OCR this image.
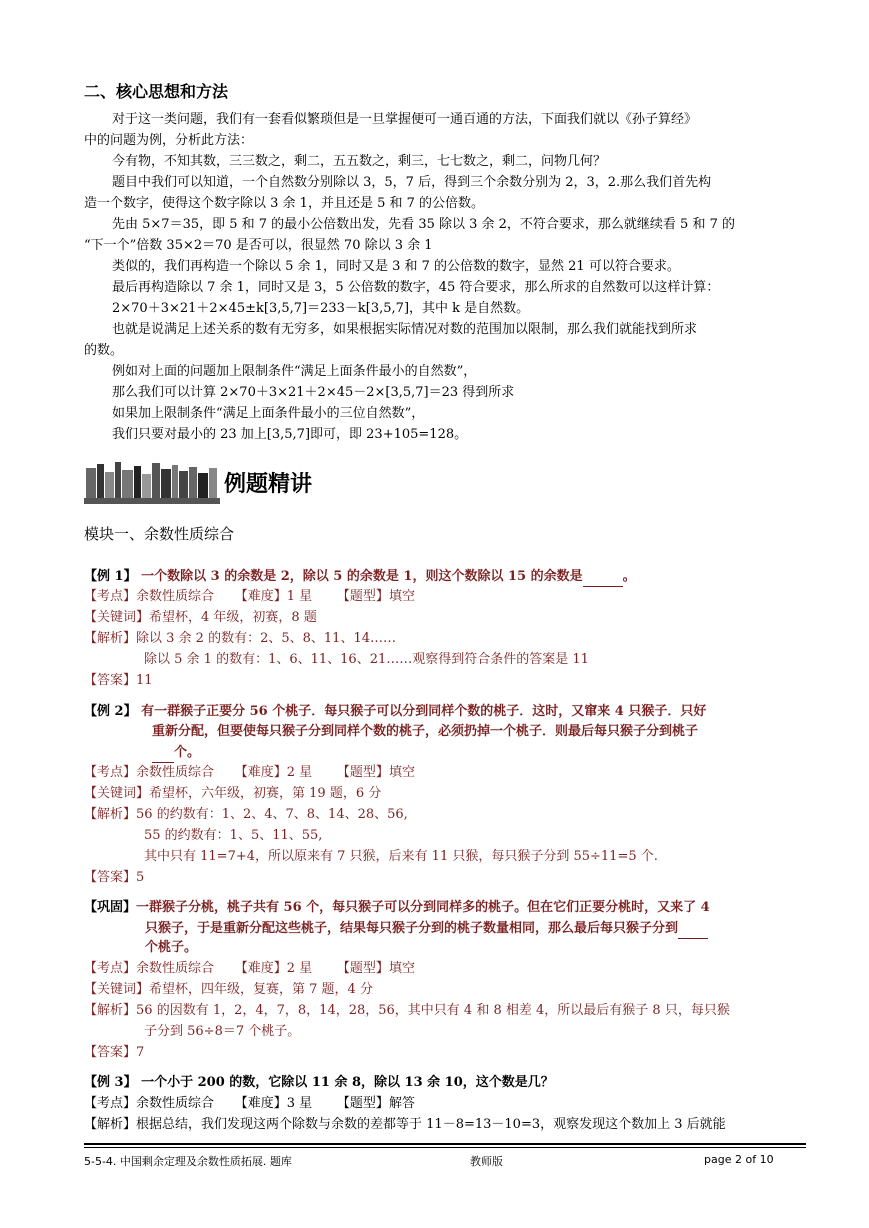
二、核心思想和方法
对于这一类问题，我们有一套看似繁琐但是一旦掌握便可一通百通的方法，下面我们就以《孙子算经》
中的问题为例，分析此方法：
今有物，不知其数，三三数之，剩二，五五数之，剩三，七七数之，剩二，问物几何？
题目中我们可以知道，一个自然数分别除以 3，5，7 后，得到三个余数分别为 2，3，2.那么我们首先构
造一个数字，使得这个数字除以 3 余 1，并且还是 5 和 7 的公倍数。
先由 5×7＝35，即 5 和 7 的最小公倍数出发，先看 35 除以 3 余 2，不符合要求，那么就继续看 5 和 7 的
“下一个”倍数 35×2＝70 是否可以，很显然 70 除以 3 余 1
类似的，我们再构造一个除以 5 余 1，同时又是 3 和 7 的公倍数的数字，显然 21 可以符合要求。
最后再构造除以 7 余 1，同时又是 3，5 公倍数的数字，45 符合要求，那么所求的自然数可以这样计算：
2×70＋3×21＋2×45±k[3,5,7]＝233－k[3,5,7]，其中 k 是自然数。
也就是说满足上述关系的数有无穷多，如果根据实际情况对数的范围加以限制，那么我们就能找到所求
的数。
例如对上面的问题加上限制条件“满足上面条件最小的自然数”，
那么我们可以计算 2×70＋3×21＋2×45－2×[3,5,7]＝23 得到所求
如果加上限制条件“满足上面条件最小的三位自然数”，
我们只要对最小的 23 加上[3,5,7]即可，即 23+105=128。
例题精讲
模块一、余数性质综合
【例 1】 一个数除以 3 的余数是 2，除以 5 的余数是 1，则这个数除以 15 的余数是	。
【考点】余数性质综合 【难度】1 星 【题型】填空
【关键词】希望杯，4 年级，初赛，8 题
【解析】除以 3 余 2 的数有：2、5、8、11、14……
除以 5 余 1 的数有：1、6、11、16、21……观察得到符合条件的答案是 11
【答案】11
【例 2】 有一群猴子正要分 56 个桃子．每只猴子可以分到同样个数的桃子．这时，又窜来 4 只猴子．只好
重新分配，但要使每只猴子分到同样个数的桃子，必须扔掉一个桃子．则最后每只猴子分到桃子
个。
【考点】余数性质综合 【难度】2 星 【题型】填空
【关键词】希望杯，六年级，初赛，第 19 题，6 分
【解析】56 的约数有：1、2、4、7、8、14、28、56,
55 的约数有：1、5、11、55,
其中只有 11=7+4，所以原来有 7 只猴，后来有 11 只猴，每只猴子分到 55÷11=5 个.
【答案】5
【巩固】一群猴子分桃，桃子共有 56 个，每只猴子可以分到同样多的桃子。但在它们正要分桃时，又来了 4
只猴子，于是重新分配这些桃子，结果每只猴子分到的桃子数量相同，那么最后每只猴子分到
个桃子。
【考点】余数性质综合 【难度】2 星 【题型】填空
【关键词】希望杯，四年级，复赛，第 7 题，4 分
【解析】56 的因数有 1，2，4，7，8，14，28，56，其中只有 4 和 8 相差 4，所以最后有猴子 8 只，每只猴
子分到 56÷8＝7 个桃子。
【答案】7
【例 3】 一个小于 200 的数，它除以 11 余 8，除以 13 余 10，这个数是几？
【考点】余数性质综合 【难度】3 星 【题型】解答
【解析】根据总结，我们发现这两个除数与余数的差都等于 11－8=13－10=3，观察发现这个数加上 3 后就能
5-5-4. 中国剩余定理及余数性质拓展. 题库	教师版	page 2 of 10
